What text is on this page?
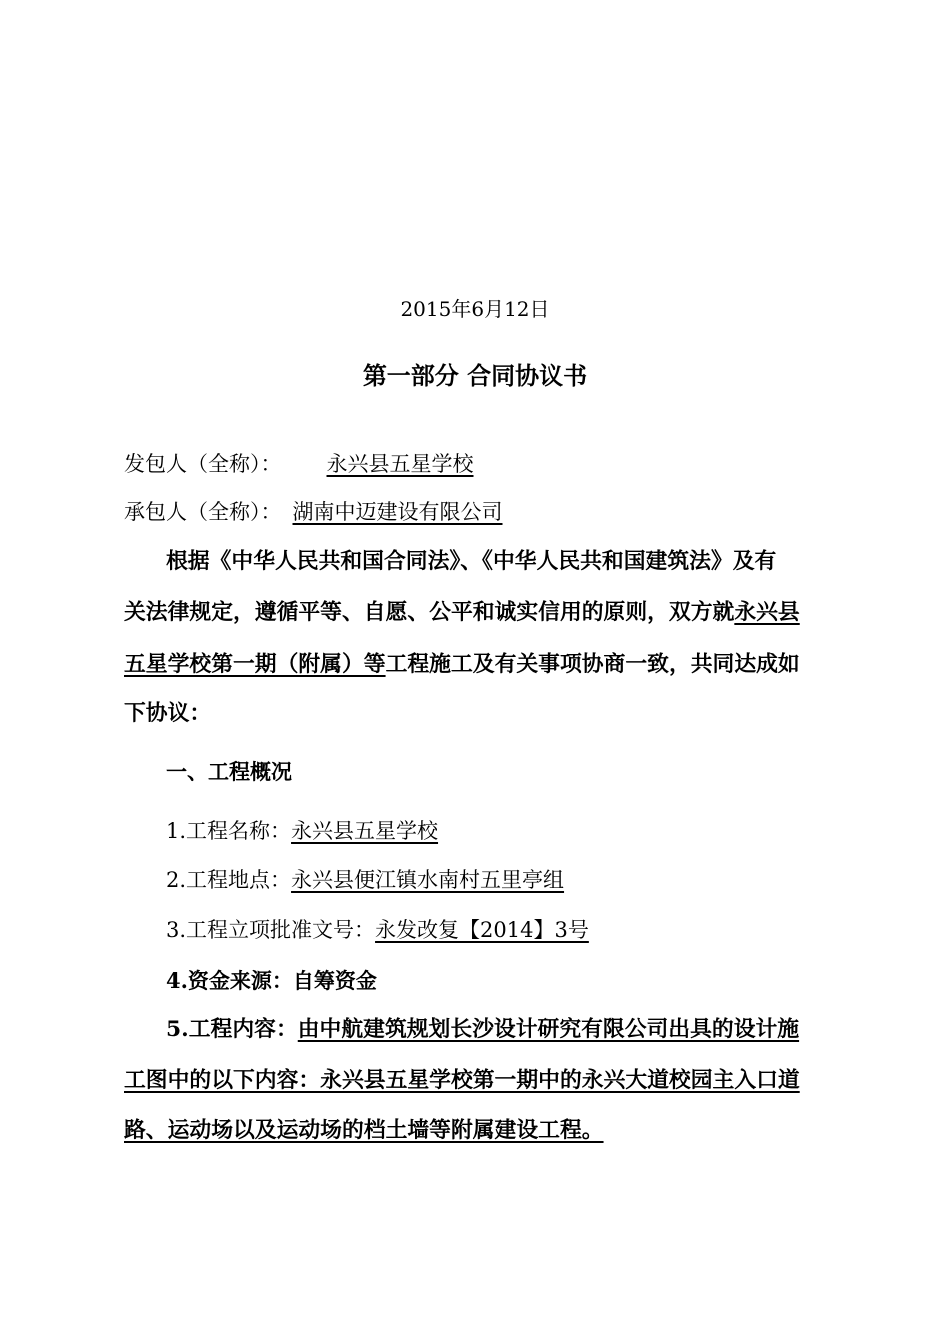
2015年6月12日
第一部分 合同协议书
发包人（全称）： 永兴县五星学校
承包人（全称）： 湖南中迈建设有限公司
根据《中华人民共和国合同法》、《中华人民共和国建筑法》及有
关法律规定，遵循平等、自愿、公平和诚实信用的原则，双方就永兴县
五星学校第一期（附属）等工程施工及有关事项协商一致，共同达成如
下协议：
一、工程概况
1.工程名称：永兴县五星学校
2.工程地点：永兴县便江镇水南村五里亭组
3.工程立项批准文号：永发改复【2014】3号
4.资金来源：自筹资金
5.工程内容：由中航建筑规划长沙设计研究有限公司出具的设计施
工图中的以下内容：永兴县五星学校第一期中的永兴大道校园主入口道
路、运动场以及运动场的档土墙等附属建设工程。
